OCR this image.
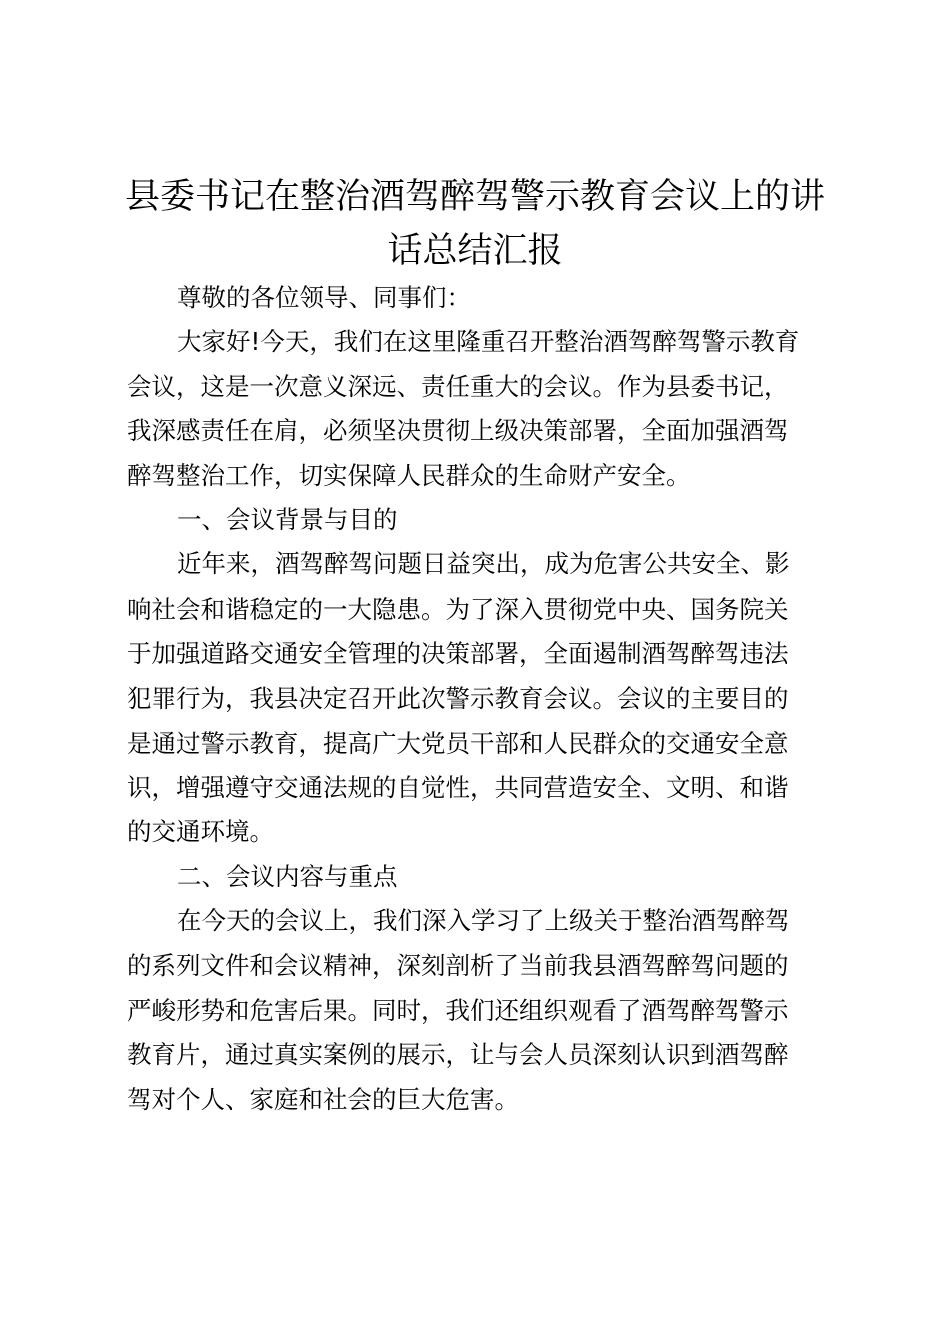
县委书记在整治酒驾醉驾警示教育会议上的讲
话总结汇报
尊敬的各位领导、同事们：
大家好!今天，我们在这里隆重召开整治酒驾醉驾警示教育
会议，这是一次意义深远、责任重大的会议。作为县委书记，
我深感责任在肩，必须坚决贯彻上级决策部署，全面加强酒驾
醉驾整治工作，切实保障人民群众的生命财产安全。
一、会议背景与目的
近年来，酒驾醉驾问题日益突出，成为危害公共安全、影
响社会和谐稳定的一大隐患。为了深入贯彻党中央、国务院关
于加强道路交通安全管理的决策部署，全面遏制酒驾醉驾违法
犯罪行为，我县决定召开此次警示教育会议。会议的主要目的
是通过警示教育，提高广大党员干部和人民群众的交通安全意
识，增强遵守交通法规的自觉性，共同营造安全、文明、和谐
的交通环境。
二、会议内容与重点
在今天的会议上，我们深入学习了上级关于整治酒驾醉驾
的系列文件和会议精神，深刻剖析了当前我县酒驾醉驾问题的
严峻形势和危害后果。同时，我们还组织观看了酒驾醉驾警示
教育片，通过真实案例的展示，让与会人员深刻认识到酒驾醉
驾对个人、家庭和社会的巨大危害。
